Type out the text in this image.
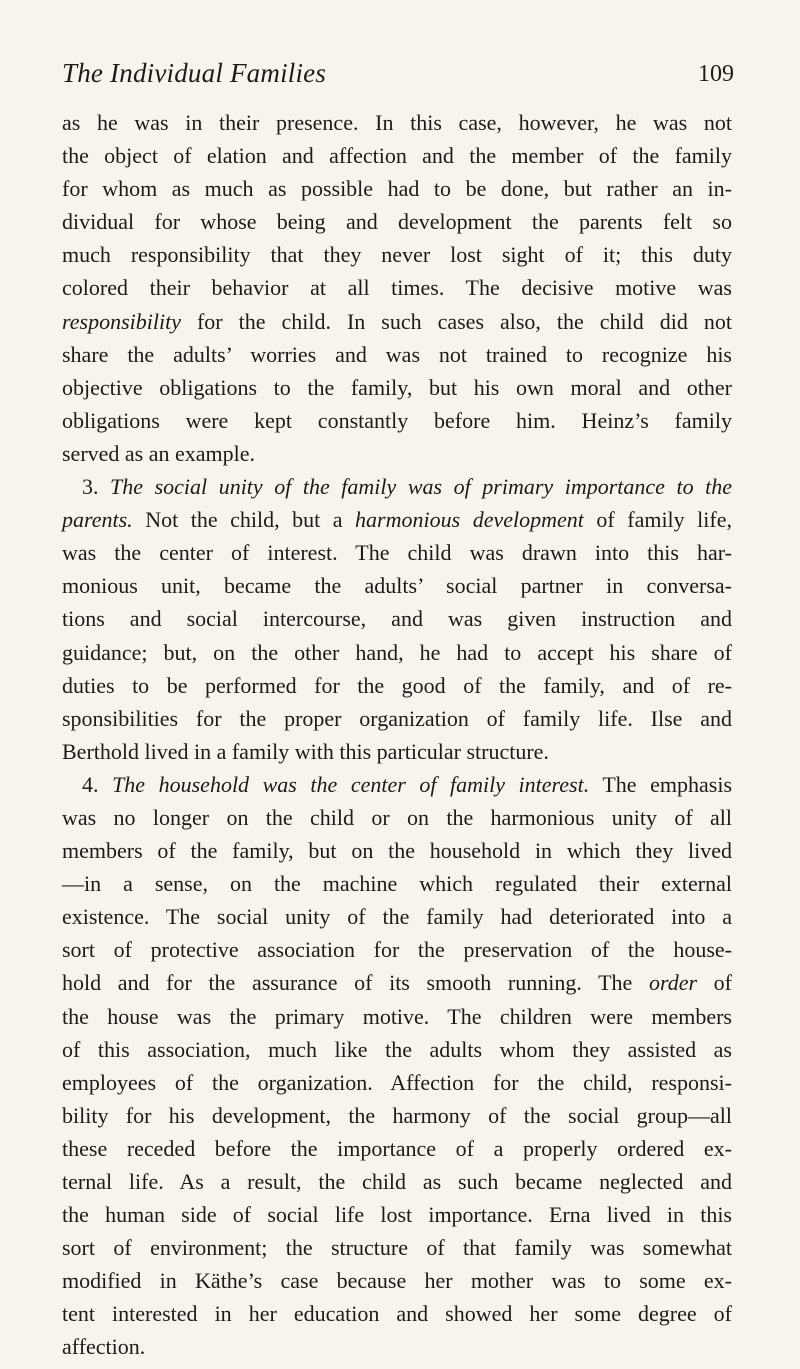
The Individual Families	109
as he was in their presence. In this case, however, he was not
the object of elation and affection and the member of the family
for whom as much as possible had to be done, but rather an in-
dividual for whose being and development the parents felt so
much responsibility that they never lost sight of it; this duty
colored their behavior at all times. The decisive motive was
responsibility for the child. In such cases also, the child did not
share the adults’ worries and was not trained to recognize his
objective obligations to the family, but his own moral and other
obligations were kept constantly before him. Heinz’s family
served as an example.
3. The social unity of the family was of primary importance to the
parents. Not the child, but a harmonious development of family life,
was the center of interest. The child was drawn into this har-
monious unit, became the adults’ social partner in conversa-
tions and social intercourse, and was given instruction and
guidance; but, on the other hand, he had to accept his share of
duties to be performed for the good of the family, and of re-
sponsibilities for the proper organization of family life. Ilse and
Berthold lived in a family with this particular structure.
4. The household was the center of family interest. The emphasis
was no longer on the child or on the harmonious unity of all
members of the family, but on the household in which they lived
—in a sense, on the machine which regulated their external
existence. The social unity of the family had deteriorated into a
sort of protective association for the preservation of the house-
hold and for the assurance of its smooth running. The order of
the house was the primary motive. The children were members
of this association, much like the adults whom they assisted as
employees of the organization. Affection for the child, responsi-
bility for his development, the harmony of the social group—all
these receded before the importance of a properly ordered ex-
ternal life. As a result, the child as such became neglected and
the human side of social life lost importance. Erna lived in this
sort of environment; the structure of that family was somewhat
modified in Käthe’s case because her mother was to some ex-
tent interested in her education and showed her some degree of
affection.
